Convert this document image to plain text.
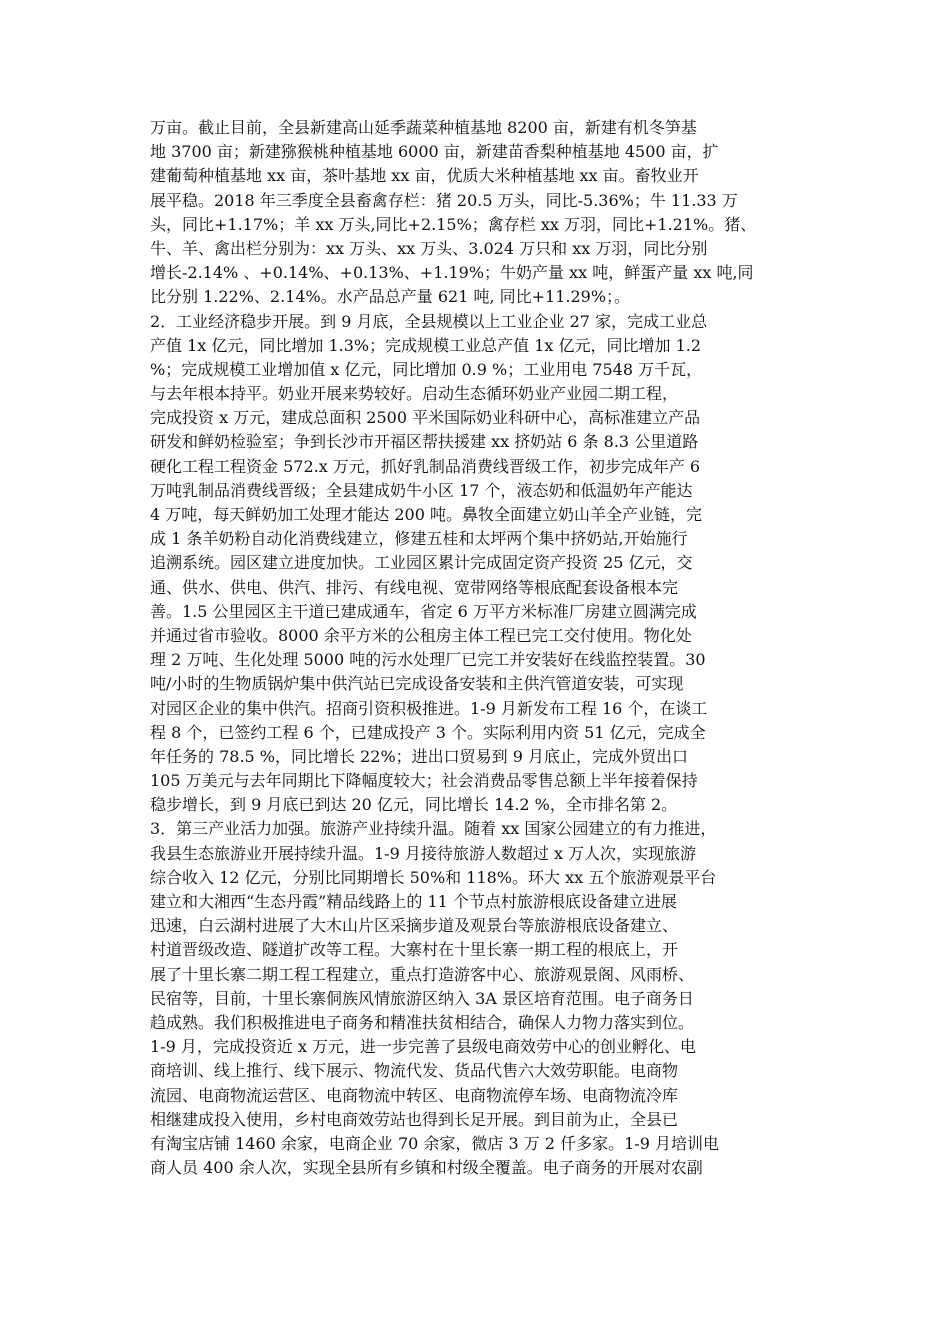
万亩。截止目前，全县新建高山延季蔬菜种植基地 8200 亩，新建有机冬笋基
地 3700 亩；新建猕猴桃种植基地 6000 亩，新建苗香梨种植基地 4500 亩，扩
建葡萄种植基地 xx 亩，茶叶基地 xx 亩，优质大米种植基地 xx 亩。畜牧业开
展平稳。2018 年三季度全县畜禽存栏：猪 20.5 万头，同比-5.36%；牛 11.33 万
头，同比+1.17%；羊 xx 万头,同比+2.15%；禽存栏 xx 万羽，同比+1.21%。猪、
牛、羊、禽出栏分别为：xx 万头、xx 万头、3.024 万只和 xx 万羽，同比分别
增长-2.14% 、+0.14%、+0.13%、+1.19%；牛奶产量 xx 吨，鲜蛋产量 xx 吨,同
比分别 1.22%、2.14%。水产品总产量 621 吨, 同比+11.29%；。
2．工业经济稳步开展。到 9 月底，全县规模以上工业企业 27 家，完成工业总
产值 1x 亿元，同比增加 1.3%；完成规模工业总产值 1x 亿元，同比增加 1.2
%；完成规模工业增加值 x 亿元，同比增加 0.9 %；工业用电 7548 万千瓦，
与去年根本持平。奶业开展来势较好。启动生态循环奶业产业园二期工程，
完成投资 x 万元，建成总面积 2500 平米国际奶业科研中心，高标准建立产品
研发和鲜奶检验室；争到长沙市开福区帮扶援建 xx 挤奶站 6 条 8.3 公里道路
硬化工程工程资金 572.x 万元，抓好乳制品消费线晋级工作，初步完成年产 6
万吨乳制品消费线晋级；全县建成奶牛小区 17 个，液态奶和低温奶年产能达
4 万吨，每天鲜奶加工处理才能达 200 吨。鼻牧全面建立奶山羊全产业链，完
成 1 条羊奶粉自动化消费线建立，修建五桂和太坪两个集中挤奶站,开始施行
追溯系统。园区建立进度加快。工业园区累计完成固定资产投资 25 亿元，交
通、供水、供电、供汽、排污、有线电视、宽带网络等根底配套设备根本完
善。1.5 公里园区主干道已建成通车，省定 6 万平方米标准厂房建立圆满完成
并通过省市验收。8000 余平方米的公租房主体工程已完工交付使用。物化处
理 2 万吨、生化处理 5000 吨的污水处理厂已完工并安装好在线监控装置。30
吨/小时的生物质锅炉集中供汽站已完成设备安装和主供汽管道安装，可实现
对园区企业的集中供汽。招商引资积极推进。1-9 月新发布工程 16 个，在谈工
程 8 个，已签约工程 6 个，已建成投产 3 个。实际利用内资 51 亿元，完成全
年任务的 78.5 %，同比增长 22%；进出口贸易到 9 月底止，完成外贸出口
105 万美元与去年同期比下降幅度较大；社会消费品零售总额上半年接着保持
稳步增长，到 9 月底已到达 20 亿元，同比增长 14.2 %，全市排名第 2。
3．第三产业活力加强。旅游产业持续升温。随着 xx 国家公园建立的有力推进，
我县生态旅游业开展持续升温。1-9 月接待旅游人数超过 x 万人次，实现旅游
综合收入 12 亿元，分别比同期增长 50%和 118%。环大 xx 五个旅游观景平台
建立和大湘西“生态丹霞”精品线路上的 11 个节点村旅游根底设备建立进展
迅速，白云湖村进展了大木山片区采摘步道及观景台等旅游根底设备建立、
村道晋级改造、隧道扩改等工程。大寨村在十里长寨一期工程的根底上，开
展了十里长寨二期工程工程建立，重点打造游客中心、旅游观景阁、风雨桥、
民宿等，目前，十里长寨侗族风情旅游区纳入 3A 景区培育范围。电子商务日
趋成熟。我们积极推进电子商务和精准扶贫相结合，确保人力物力落实到位。
1-9 月，完成投资近 x 万元，进一步完善了县级电商效劳中心的创业孵化、电
商培训、线上推行、线下展示、物流代发、货品代售六大效劳职能。电商物
流园、电商物流运营区、电商物流中转区、电商物流停车场、电商物流冷库
相继建成投入使用，乡村电商效劳站也得到长足开展。到目前为止，全县已
有淘宝店铺 1460 余家，电商企业 70 余家，微店 3 万 2 仟多家。1-9 月培训电
商人员 400 余人次，实现全县所有乡镇和村级全覆盖。电子商务的开展对农副
